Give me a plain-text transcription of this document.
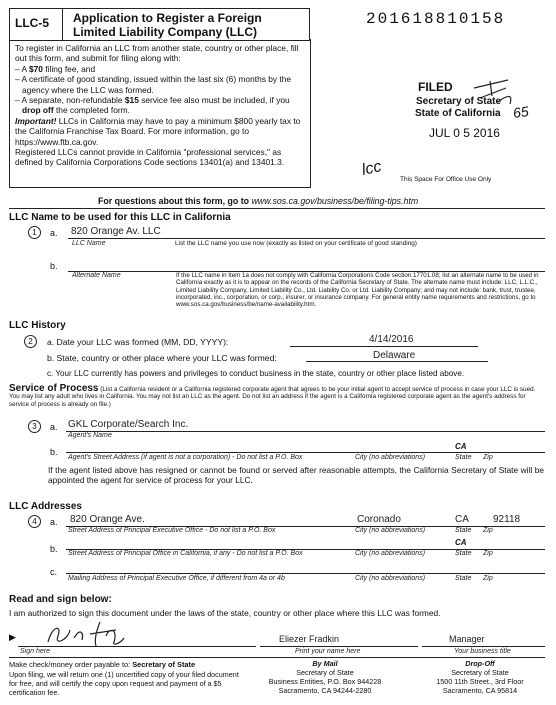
LLC-5 Application to Register a Foreign
Limited Liability Company (LLC)
201618810158
To register in California an LLC from another state, country or other place, fill out this form, and submit for filing along with:
– A $70 filing fee, and
– A certificate of good standing, issued within the last six (6) months by the agency where the LLC was formed.
– A separate, non-refundable $15 service fee also must be included, if you drop off the completed form.
Important! LLCs in California may have to pay a minimum $800 yearly tax to the California Franchise Tax Board. For more information, go to https://www.ftb.ca.gov.
Registered LLCs cannot provide in California "professional services," as defined by California Corporations Code sections 13401(a) and 13401.3.
FILED
65
Secretary of State
State of California
JUL 0 5 2016
lcc
This Space For Office Use Only
For questions about this form, go to www.sos.ca.gov/business/be/filing-tips.htm
LLC Name to be used for this LLC in California
1	a. 820 Orange Av. LLC
LLC Name	List the LLC name you use now (exactly as listed on your certificate of good standing)
b.
Alternate Name	If the LLC name in Item 1a does not comply with California Corporations Code section 17701.08; list an alternate name to be used in California exactly as it is to appear on the records of the California Secretary of State. The alternate name must include: LLC, L.L.C., Limited Liability Company, Limited Liability Co., Ltd. Liability Co. or Ltd. Liability Company; and may not include: bank, trust, trustee, incorporated, inc., corporation, or corp., insurer, or insurance company. For general entity name requirements and restrictions, go to www.sos.ca.gov/business/be/name-availability.htm.
LLC History
2	a. Date your LLC was formed (MM, DD, YYYY):	4/14/2016
b. State, country or other place where your LLC was formed:	Delaware
c. Your LLC currently has powers and privileges to conduct business in the state, country or other place listed above.
Service of Process (List a California resident or a California registered corporate agent that agrees to be your initial agent to accept service of process in case your LLC is sued. You may list any adult who lives in California. You may not list an LLC as the agent. Do not list an address if the agent is a California registered corporate agent as the agent's address for service of process is already on file.)
3	a. GKL Corporate/Search Inc.
Agent's Name
b.
CA
Agent's Street Address (if agent is not a corporation) - Do not list a P.O. Box	City (no abbreviations)	State Zip
If the agent listed above has resigned or cannot be found or served after reasonable attempts, the California Secretary of State will be appointed the agent for service of process for your LLC.
LLC Addresses
4	a. 820 Orange Ave.	Coronado	CA 92118
Street Address of Principal Executive Office - Do not list a P.O. Box	City (no abbreviations)	State Zip
b.
CA
Street Address of Principal Office in California, if any - Do not list a P.O. Box	City (no abbreviations)	State Zip
c.
Mailing Address of Principal Executive Office, if different from 4a or 4b	City (no abbreviations)	State Zip
Read and sign below:
I am authorized to sign this document under the laws of the state, country or other place where this LLC was formed.
▶
Sign here
Eliezer Fradkin
Print your name here
Manager
Your business title
Make check/money order payable to: Secretary of State
Upon filing, we will return one (1) uncertified copy of your filed document for free, and will certify the copy upon request and payment of a $5 certification fee.
By Mail
Secretary of State
Business Entities, P.O. Box 944228
Sacramento, CA 94244-2280
Drop-Off
Secretary of State
1500 11th Street., 3rd Floor
Sacramento, CA 95814
